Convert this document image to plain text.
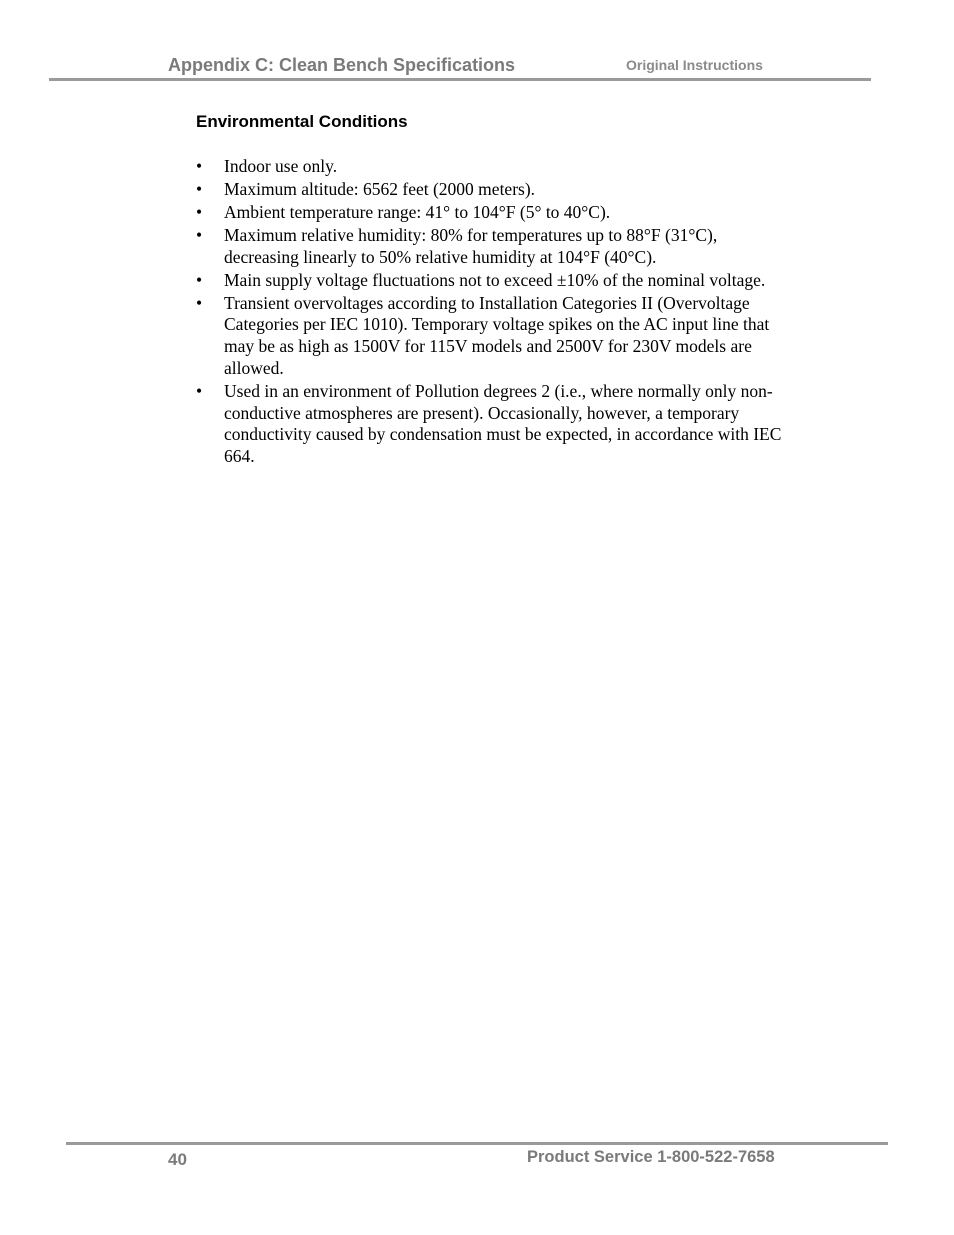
Appendix C: Clean Bench Specifications	Original Instructions
Environmental Conditions
•	Indoor use only.
•	Maximum altitude: 6562 feet (2000 meters).
•	Ambient temperature range: 41° to 104°F (5° to 40°C).
•	Maximum relative humidity: 80% for temperatures up to 88°F (31°C), decreasing linearly to 50% relative humidity at 104°F (40°C).
•	Main supply voltage fluctuations not to exceed ±10% of the nominal voltage.
•	Transient overvoltages according to Installation Categories II (Overvoltage Categories per IEC 1010). Temporary voltage spikes on the AC input line that may be as high as 1500V for 115V models and 2500V for 230V models are allowed.
•	Used in an environment of Pollution degrees 2 (i.e., where normally only non-conductive atmospheres are present). Occasionally, however, a temporary conductivity caused by condensation must be expected, in accordance with IEC 664.
40	Product Service 1-800-522-7658
